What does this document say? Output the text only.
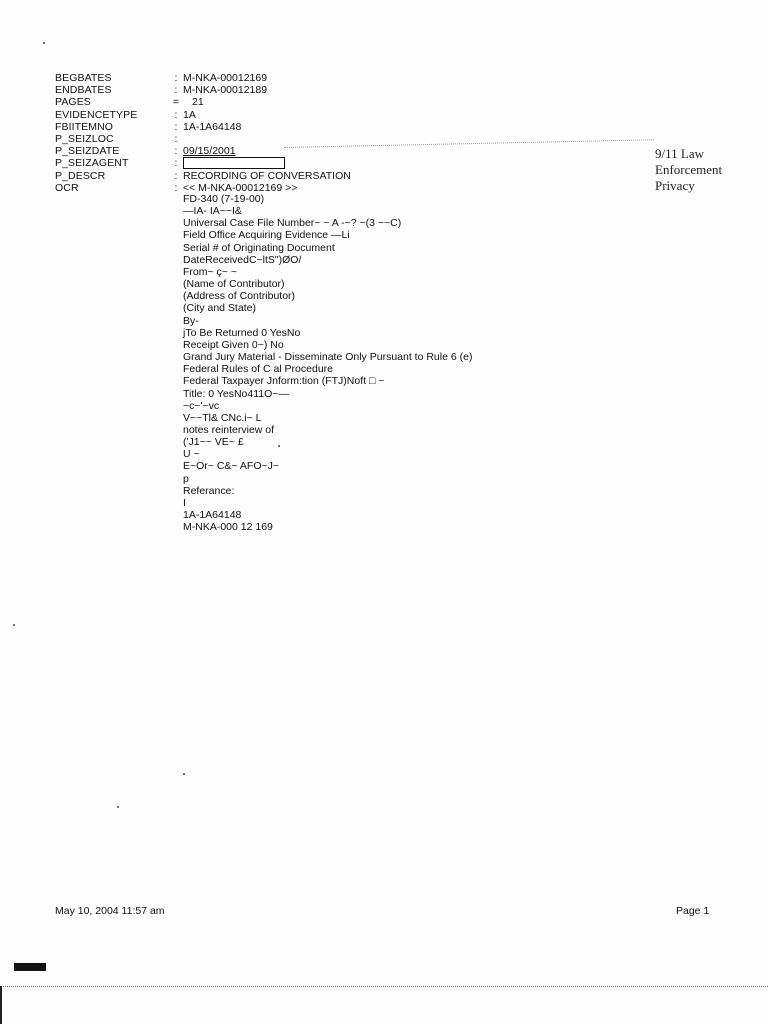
BEGBATES	: M-NKA-00012169
ENDBATES	: M-NKA-00012189
PAGES	= 21
EVIDENCETYPE	: 1A
FBIITEMNO	: 1A-1A64148
P_SEIZLOC	:
P_SEIZDATE	: 09/15/2001
P_SEIZAGENT	:
P_DESCR	: RECORDING OF CONVERSATION
OCR	: << M-NKA-00012169 >>
9/11 Law
Enforcement
Privacy
FD-340 (7-19-00)
—IA- IA~~I&
Universal Case File Number~ ~ A -~? ~(3 ~~C)
Field Office Acquiring Evidence —Li
Serial # of Originating Document
DateReceivedC~ltS")ØO/
From~ ç~ ~
(Name of Contributor)
(Address of Contributor)
(City and State)
By-
jTo Be Returned 0 YesNo
Receipt Given 0~) No
Grand Jury Material - Disseminate Only Pursuant to Rule 6 (e)
Federal Rules of C al Procedure
Federal Taxpayer Jnform:tion (FTJ)Noft □ ~
Title: 0 YesNo411O~—
~c~'~vc
V~~Tl& CNc.i~ L
notes reinterview of
('J1~~ VE~ £
U ~
E~Or~ C&~ AFO~J~
p
Referance:
I
1A-1A64148
M-NKA-000 12 169
May 10, 2004 11:57 am	Page 1
